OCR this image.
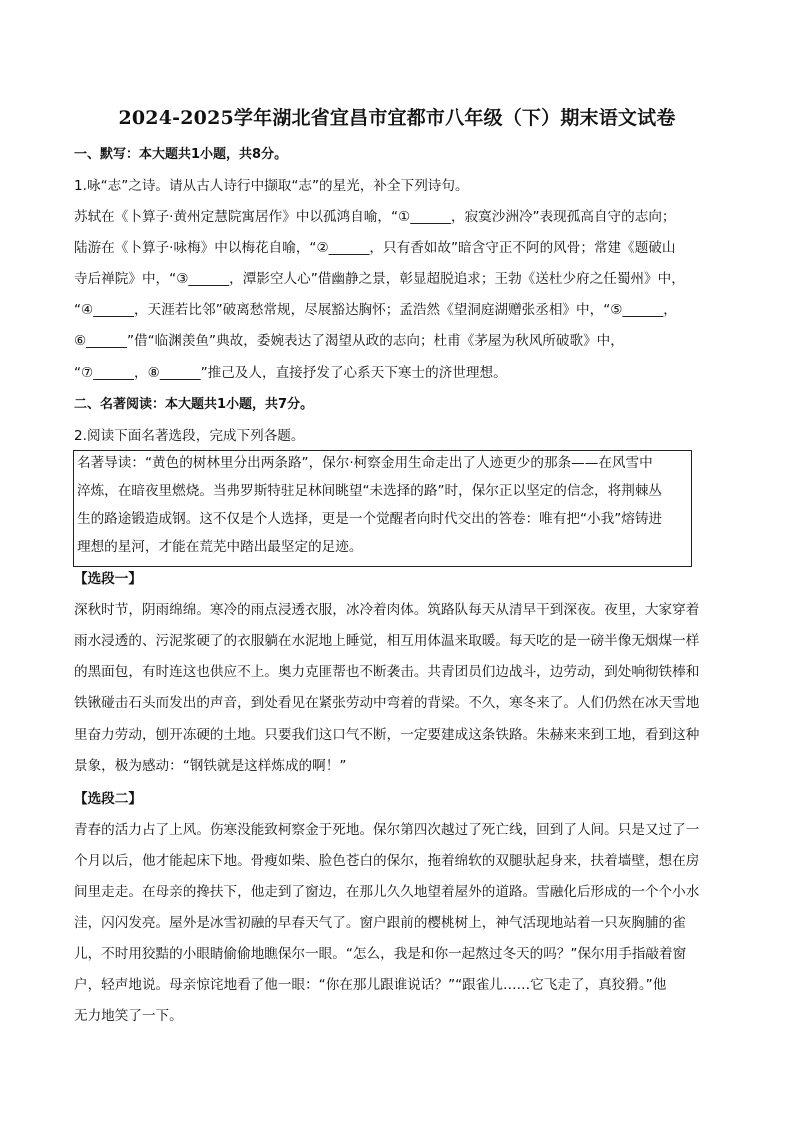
2024-2025学年湖北省宜昌市宜都市八年级（下）期末语文试卷
一、默写：本大题共1小题，共8分。
1.咏“志”之诗。请从古人诗行中撷取“志”的星光，补全下列诗句。
苏轼在《卜算子·黄州定慧院寓居作》中以孤鸿自喻，“①______，寂寞沙洲冷”表现孤高自守的志向；
陆游在《卜算子·咏梅》中以梅花自喻，“②______，只有香如故”暗含守正不阿的风骨；常建《题破山
寺后禅院》中，“③______，潭影空人心”借幽静之景，彰显超脱追求；王勃《送杜少府之任蜀州》中，
“④______，天涯若比邻”破离愁常规，尽展豁达胸怀；孟浩然《望洞庭湖赠张丞相》中，“⑤______，
⑥______”借“临渊羡鱼”典故，委婉表达了渴望从政的志向；杜甫《茅屋为秋风所破歌》中，
“⑦______，⑧______”推己及人，直接抒发了心系天下寒士的济世理想。
二、名著阅读：本大题共1小题，共7分。
2.阅读下面名著选段，完成下列各题。
名著导读：“黄色的树林里分出两条路”，保尔·柯察金用生命走出了人迹更少的那条——在风雪中
淬炼，在暗夜里燃烧。当弗罗斯特驻足林间眺望“未选择的路”时，保尔正以坚定的信念，将荆棘丛
生的路途锻造成钢。这不仅是个人选择，更是一个觉醒者向时代交出的答卷：唯有把“小我”熔铸进
理想的星河，才能在荒芜中踏出最坚定的足迹。
【选段一】
深秋时节，阴雨绵绵。寒冷的雨点浸透衣服，冰冷着肉体。筑路队每天从清早干到深夜。夜里，大家穿着
雨水浸透的、污泥浆硬了的衣服躺在水泥地上睡觉，相互用体温来取暖。每天吃的是一磅半像无烟煤一样
的黑面包，有时连这也供应不上。奥力克匪帮也不断袭击。共青团员们边战斗，边劳动，到处响彻铁棒和
铁锹碰击石头而发出的声音，到处看见在紧张劳动中弯着的背梁。不久，寒冬来了。人们仍然在冰天雪地
里奋力劳动，刨开冻硬的土地。只要我们这口气不断，一定要建成这条铁路。朱赫来来到工地，看到这种
景象，极为感动：“钢铁就是这样炼成的啊！”
【选段二】
青春的活力占了上风。伤寒没能致柯察金于死地。保尔第四次越过了死亡线，回到了人间。只是又过了一
个月以后，他才能起床下地。骨瘦如柴、脸色苍白的保尔，拖着绵软的双腿驮起身来，扶着墙壁，想在房
间里走走。在母亲的搀扶下，他走到了窗边，在那儿久久地望着屋外的道路。雪融化后形成的一个个小水
洼，闪闪发亮。屋外是冰雪初融的早春天气了。窗户跟前的樱桃树上，神气活现地站着一只灰胸脯的雀
儿，不时用狡黠的小眼睛偷偷地瞧保尔一眼。“怎么，我是和你一起熬过冬天的吗？”保尔用手指敲着窗
户，轻声地说。母亲惊诧地看了他一眼：“你在那儿跟谁说话？”“跟雀儿……它飞走了，真狡猾。”他
无力地笑了一下。
